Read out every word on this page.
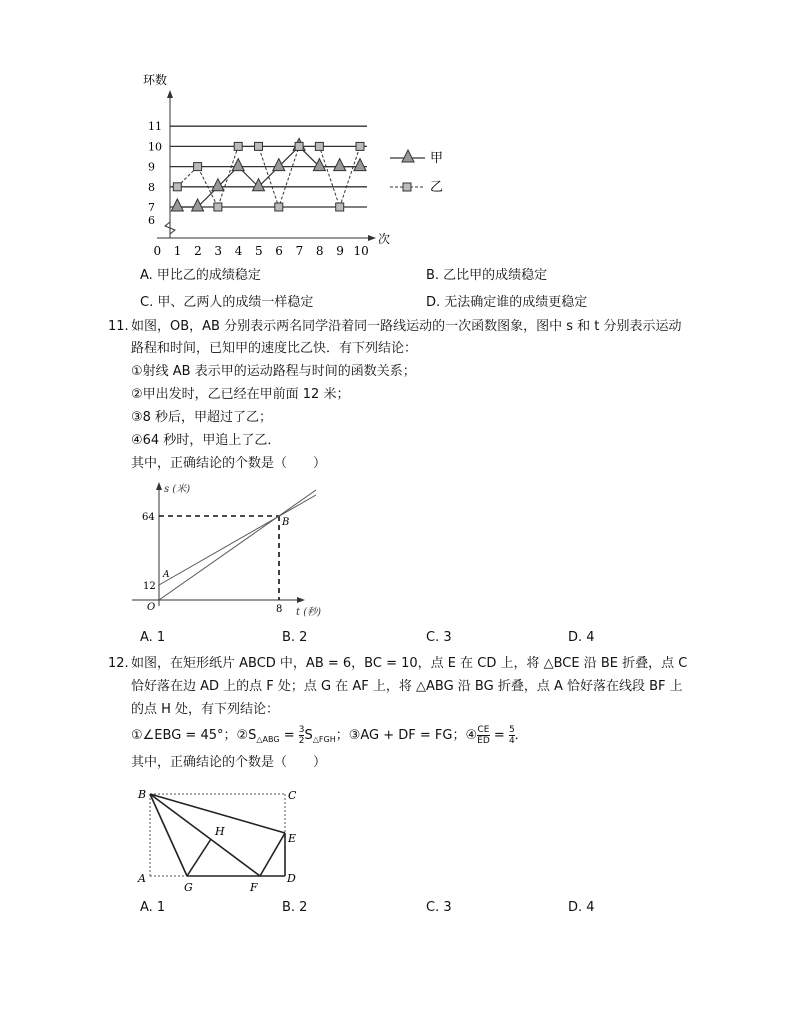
环数
次
11
10
9
8
7
6
0 1 2 3 4 5 6 7 8 9 10
甲
乙
A. 甲比乙的成绩稳定	B. 乙比甲的成绩稳定
C. 甲、乙两人的成绩一样稳定	D. 无法确定谁的成绩更稳定
11. 如图，OB，AB 分别表示两名同学沿着同一路线运动的一次函数图象，图中 s 和 t 分别表示运动
路程和时间，已知甲的速度比乙快．有下列结论：
①射线 AB 表示甲的运动路程与时间的函数关系；
②甲出发时，乙已经在甲前面 12 米；
③8 秒后，甲超过了乙；
④64 秒时，甲追上了乙．
其中，正确结论的个数是（　　）
s (米)
t (秒)
64
12
8
O
A
B
A. 1	B. 2	C. 3	D. 4
12. 如图，在矩形纸片 ABCD 中，AB = 6，BC = 10，点 E 在 CD 上，将 △BCE 沿 BE 折叠，点 C
恰好落在边 AD 上的点 F 处；点 G 在 AF 上，将 △ABG 沿 BG 折叠，点 A 恰好落在线段 BF 上
的点 H 处，有下列结论：
①∠EBG = 45°；$②S_{\triangle ABG} = \frac{3}{2} S_{\triangle FGH}$；③AG + DF = FG；④ $\frac{CE}{ED} = \frac{5}{4}$ ．
其中，正确结论的个数是（　　）
B	C
H
E
A
G	F
D
A. 1	B. 2	C. 3	D. 4
